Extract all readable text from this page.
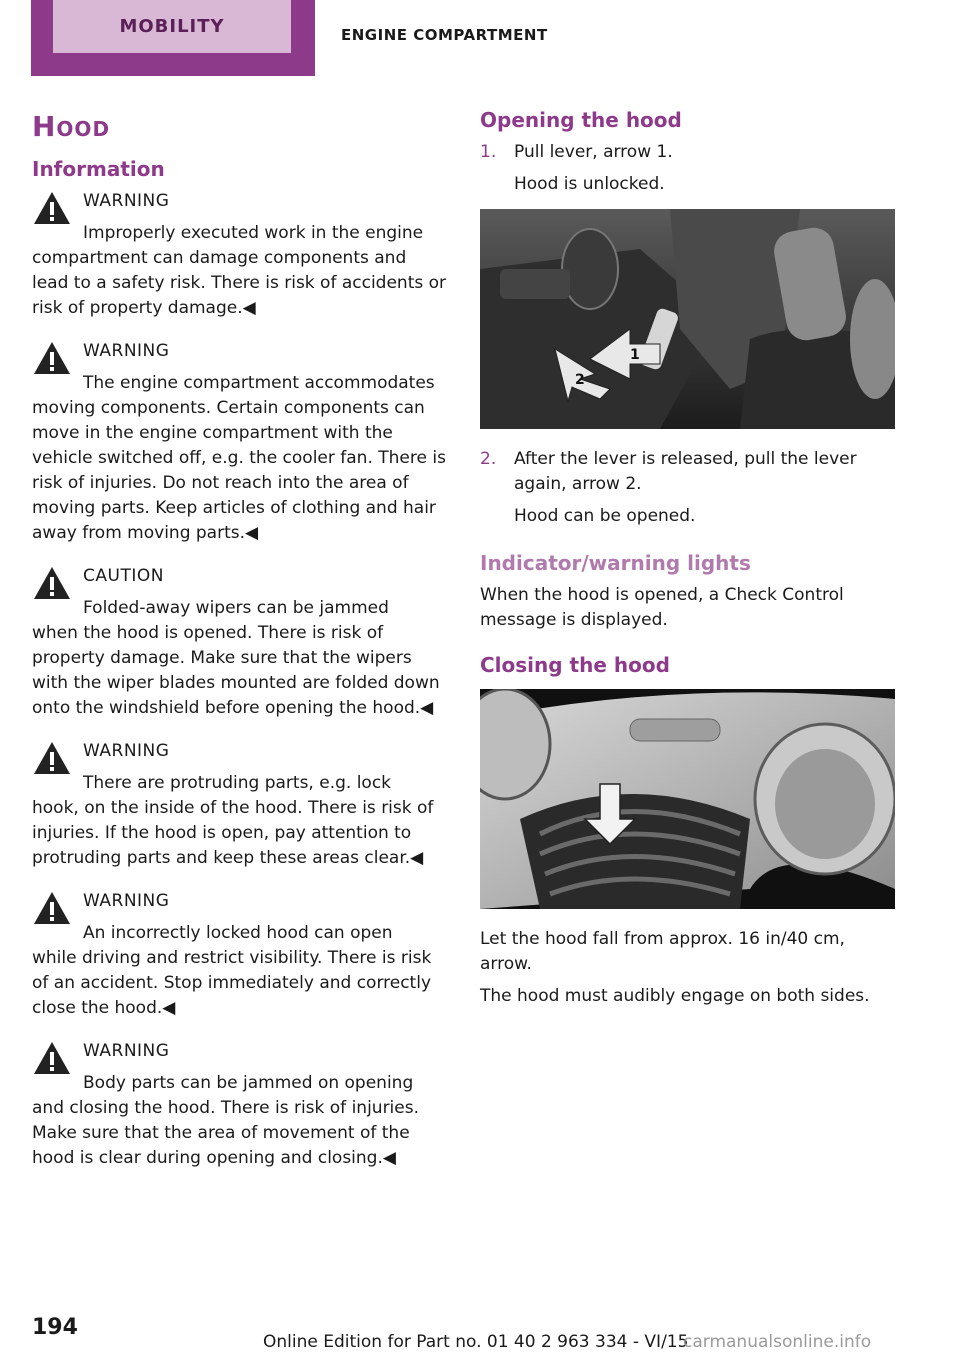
MOBILITY	ENGINE COMPARTMENT
Hood
Information
WARNING
Improperly executed work in the engine
compartment can damage components and lead to a safety risk. There is risk of accidents or risk of property damage.◀
WARNING
The engine compartment accommodates
moving components. Certain components can move in the engine compartment with the vehicle switched off, e.g. the cooler fan. There is risk of injuries. Do not reach into the area of moving parts. Keep articles of clothing and hair away from moving parts.◀
CAUTION
Folded-away wipers can be jammed
when the hood is opened. There is risk of property damage. Make sure that the wipers with the wiper blades mounted are folded down onto the windshield before opening the hood.◀
WARNING
There are protruding parts, e.g. lock
hook, on the inside of the hood. There is risk of injuries. If the hood is open, pay attention to protruding parts and keep these areas clear.◀
WARNING
An incorrectly locked hood can open
while driving and restrict visibility. There is risk of an accident. Stop immediately and correctly close the hood.◀
WARNING
Body parts can be jammed on opening
and closing the hood. There is risk of injuries. Make sure that the area of movement of the hood is clear during opening and closing.◀
Opening the hood
1. Pull lever, arrow 1.
Hood is unlocked.
1
2
2. After the lever is released, pull the lever again, arrow 2.
Hood can be opened.
Indicator/warning lights
When the hood is opened, a Check Control message is displayed.
Closing the hood
Let the hood fall from approx. 16 in/40 cm, arrow.
The hood must audibly engage on both sides.
194
Online Edition for Part no. 01 40 2 963 334 - VI/15
carmanualsonline.info
